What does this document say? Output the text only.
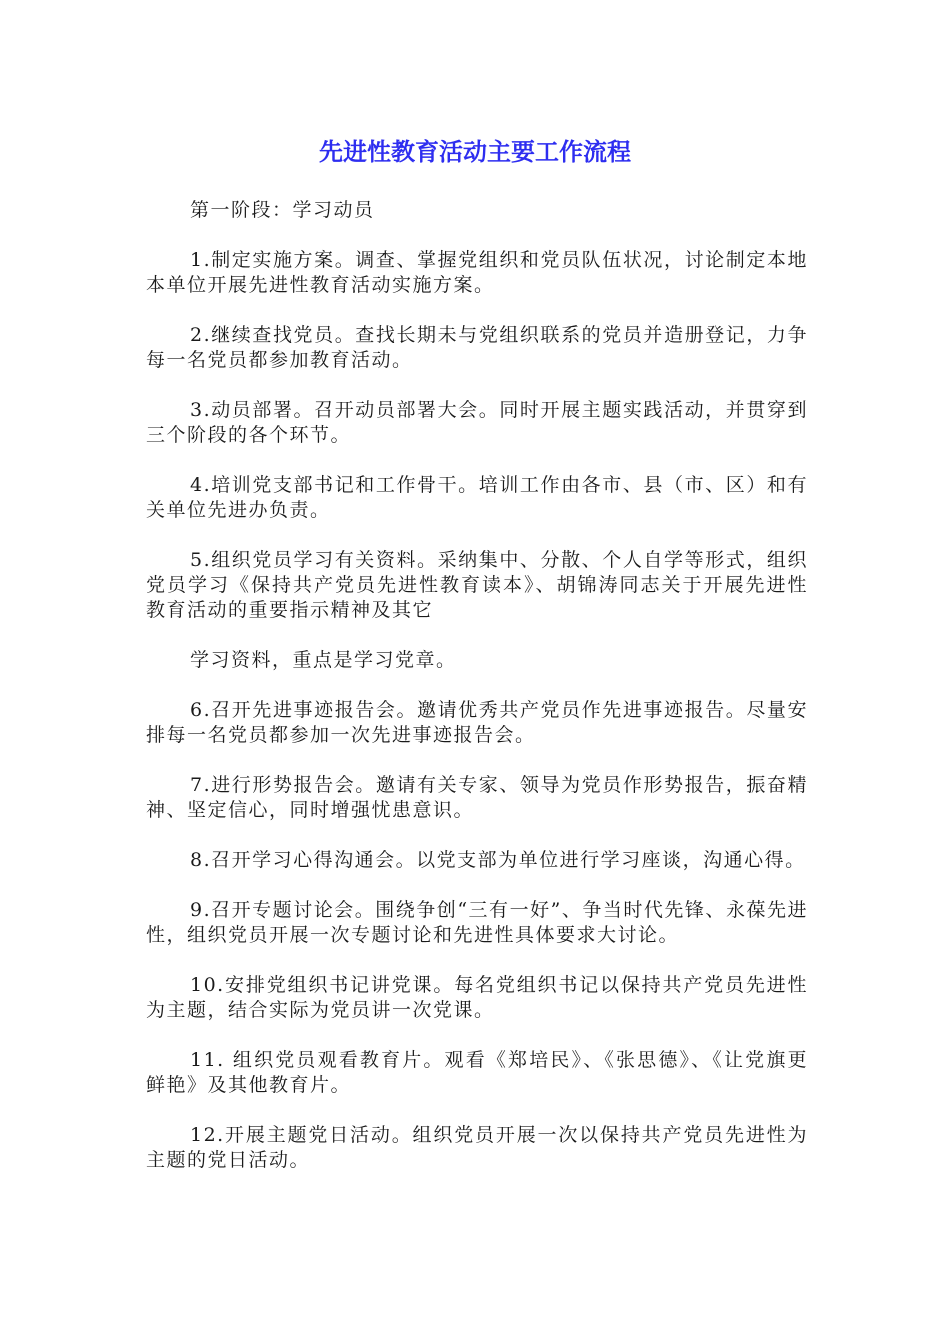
先进性教育活动主要工作流程

第一阶段：学习动员

1.制定实施方案。调查、掌握党组织和党员队伍状况，讨论制定本地本单位开展先进性教育活动实施方案。

2.继续查找党员。查找长期未与党组织联系的党员并造册登记，力争每一名党员都参加教育活动。

3.动员部署。召开动员部署大会。同时开展主题实践活动，并贯穿到三个阶段的各个环节。

4.培训党支部书记和工作骨干。培训工作由各市、县（市、区）和有关单位先进办负责。

5.组织党员学习有关资料。采纳集中、分散、个人自学等形式，组织党员学习《保持共产党员先进性教育读本》、胡锦涛同志关于开展先进性教育活动的重要指示精神及其它

学习资料，重点是学习党章。

6.召开先进事迹报告会。邀请优秀共产党员作先进事迹报告。尽量安排每一名党员都参加一次先进事迹报告会。

7.进行形势报告会。邀请有关专家、领导为党员作形势报告，振奋精神、坚定信心，同时增强忧患意识。

8.召开学习心得沟通会。以党支部为单位进行学习座谈，沟通心得。

9.召开专题讨论会。围绕争创“三有一好”、争当时代先锋、永葆先进性，组织党员开展一次专题讨论和先进性具体要求大讨论。

10.安排党组织书记讲党课。每名党组织书记以保持共产党员先进性为主题，结合实际为党员讲一次党课。

11. 组织党员观看教育片。观看《郑培民》、《张思德》、《让党旗更鲜艳》及其他教育片。

12.开展主题党日活动。组织党员开展一次以保持共产党员先进性为主题的党日活动。
